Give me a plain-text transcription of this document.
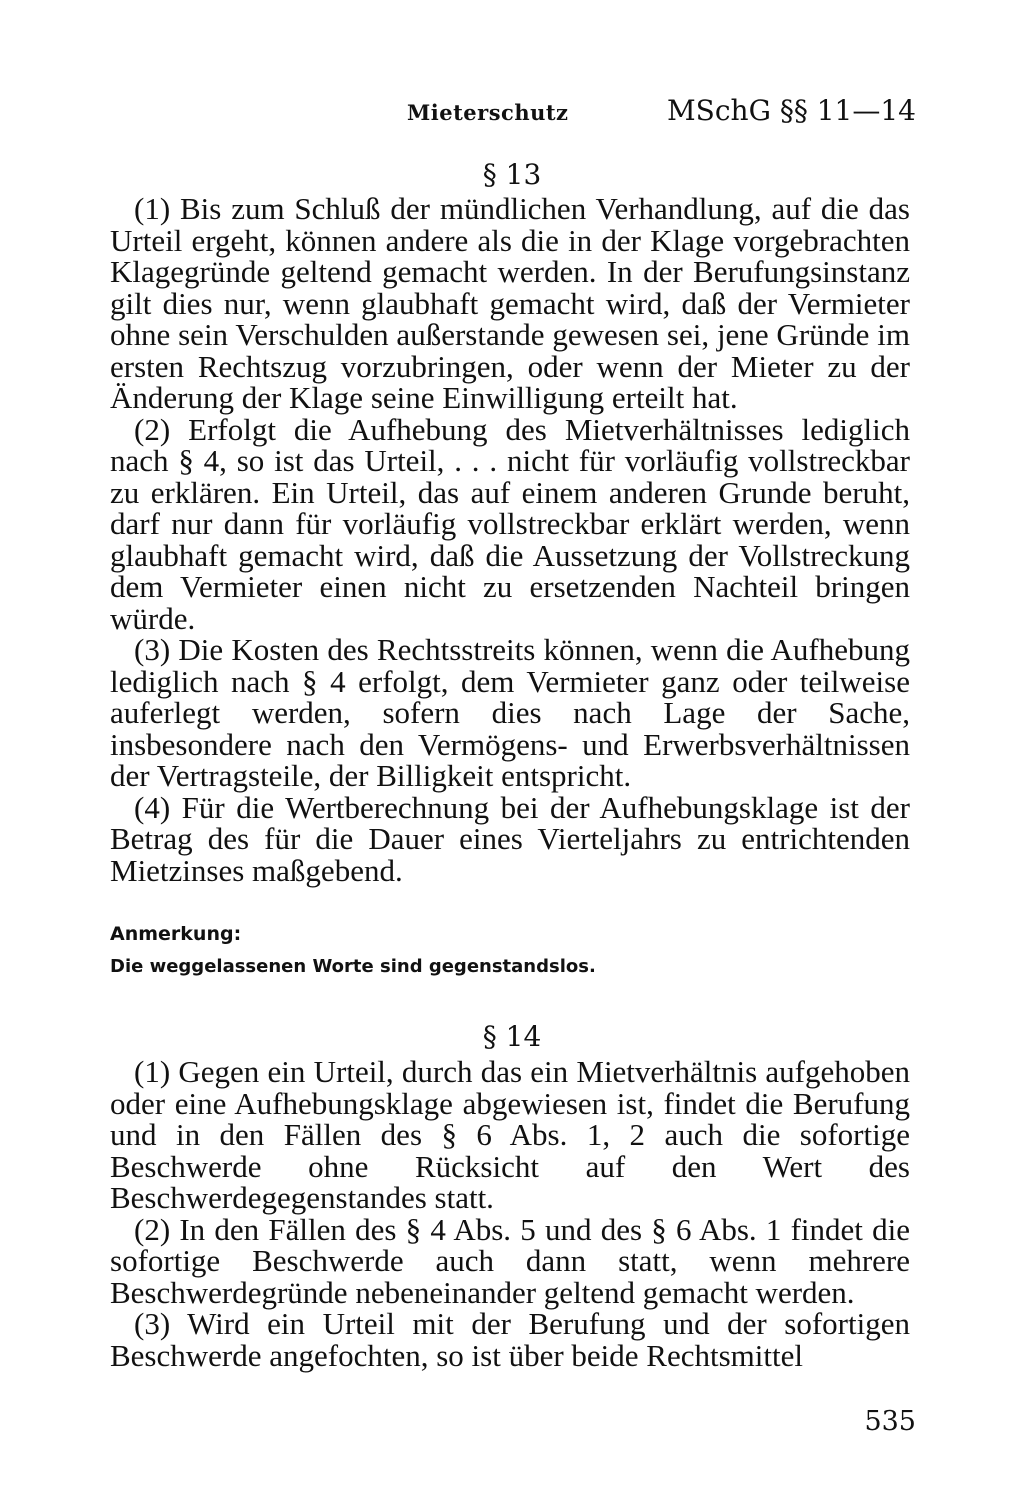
Mieterschutz	MSchG §§ 11—14
§ 13

(1) Bis zum Schluß der mündlichen Verhandlung, auf die das Urteil ergeht, können andere als die in der Klage vorgebrachten Klagegründe geltend gemacht werden. In der Berufungsinstanz gilt dies nur, wenn glaubhaft gemacht wird, daß der Vermieter ohne sein Verschulden außerstande gewesen sei, jene Gründe im ersten Rechtszug vorzubringen, oder wenn der Mieter zu der Änderung der Klage seine Einwilligung erteilt hat.

(2) Erfolgt die Aufhebung des Mietverhältnisses lediglich nach § 4, so ist das Urteil, . . . nicht für vorläufig vollstreckbar zu erklären. Ein Urteil, das auf einem anderen Grunde beruht, darf nur dann für vorläufig vollstreckbar erklärt werden, wenn glaubhaft gemacht wird, daß die Aussetzung der Vollstreckung dem Vermieter einen nicht zu ersetzenden Nachteil bringen würde.

(3) Die Kosten des Rechtsstreits können, wenn die Aufhebung lediglich nach § 4 erfolgt, dem Vermieter ganz oder teilweise auferlegt werden, sofern dies nach Lage der Sache, insbesondere nach den Vermögens- und Erwerbsverhältnissen der Vertragsteile, der Billigkeit entspricht.

(4) Für die Wertberechnung bei der Aufhebungsklage ist der Betrag des für die Dauer eines Vierteljahrs zu entrichtenden Mietzinses maßgebend.

Anmerkung:
Die weggelassenen Worte sind gegenstandslos.
§ 14

(1) Gegen ein Urteil, durch das ein Mietverhältnis aufgehoben oder eine Aufhebungsklage abgewiesen ist, findet die Berufung und in den Fällen des § 6 Abs. 1, 2 auch die sofortige Beschwerde ohne Rücksicht auf den Wert des Beschwerdegegenstandes statt.

(2) In den Fällen des § 4 Abs. 5 und des § 6 Abs. 1 findet die sofortige Beschwerde auch dann statt, wenn mehrere Beschwerdegründe nebeneinander geltend gemacht werden.

(3) Wird ein Urteil mit der Berufung und der sofortigen Beschwerde angefochten, so ist über beide Rechtsmittel

535
